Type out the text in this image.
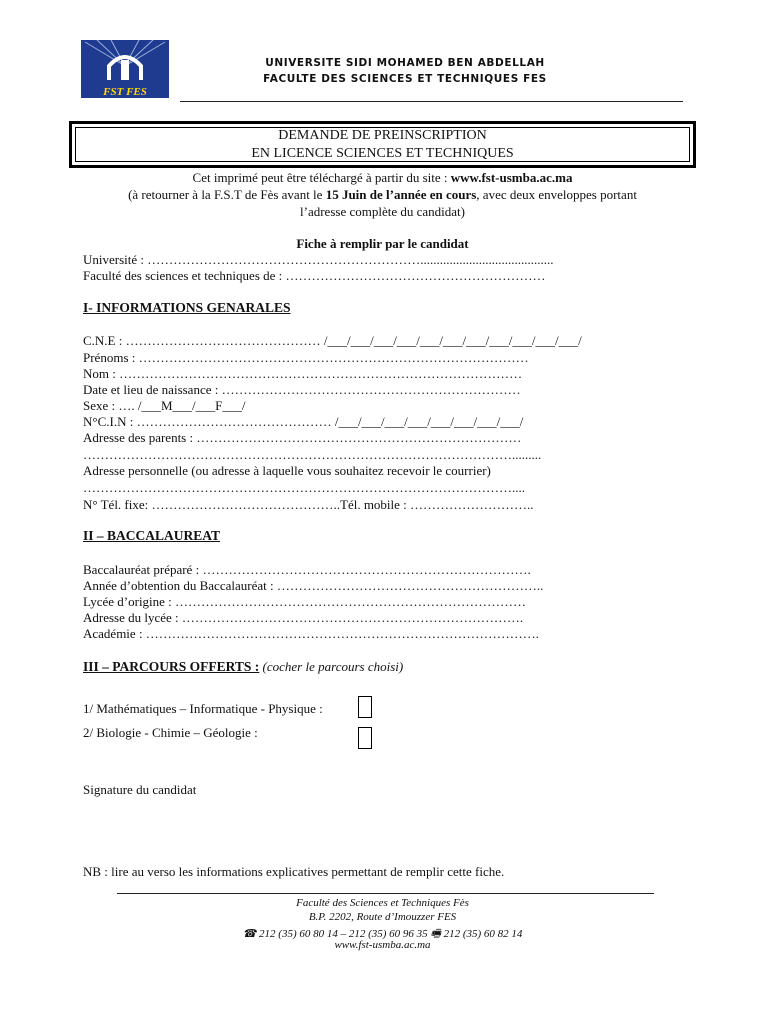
FST FES
UNIVERSITE SIDI MOHAMED BEN ABDELLAH
FACULTE DES SCIENCES ET TECHNIQUES FES
DEMANDE DE PREINSCRIPTION
EN LICENCE SCIENCES ET TECHNIQUES
Cet imprimé peut être téléchargé à partir du site : www.fst-usmba.ac.ma
(à retourner à la F.S.T de Fès avant le 15 Juin de l’année en cours, avec deux enveloppes portant
l’adresse complète du candidat)
Fiche à remplir par le candidat
Université : ……………………………………………………….........................................
Faculté des sciences et techniques de : ……………………………………………………
I- INFORMATIONS GENARALES
C.N.E : ……………………………………… /___/___/___/___/___/___/___/___/___/___/___/
Prénoms : ………………………………………………………………………………
Nom : …………………………………………………………………………………
Date et lieu de naissance : ……………………………………………………………
Sexe : …. /___M___/___F___/
N°C.I.N : ……………………………………… /___/___/___/___/___/___/___/___/
Adresse des parents : …………………………………………………………………
……………………………………………………………………………………….........
Adresse personnelle (ou adresse à laquelle vous souhaitez recevoir le courrier)
………………………………………………………………………………………....
N° Tél. fixe: ……………………………………..Tél. mobile : ………………………..
II – BACCALAUREAT
Baccalauréat préparé : ………………………………………………………………….
Année d’obtention du Baccalauréat : ……………………………………………………..
Lycée d’origine : ………………………………………………………………………
Adresse du lycée : …………………………………………………………………….
Académie : ……………………………………………………………………………….
III – PARCOURS OFFERTS : (cocher le parcours choisi)
1/ Mathématiques – Informatique - Physique :
2/ Biologie - Chimie – Géologie :
Signature du candidat
NB : lire au verso les informations explicatives permettant de remplir cette fiche.
Faculté des Sciences et Techniques Fès
B.P. 2202, Route d’Imouzzer FES
☎ 212 (35) 60 80 14 – 212 (35) 60 96 35 🖷 212 (35) 60 82 14
www.fst-usmba.ac.ma
